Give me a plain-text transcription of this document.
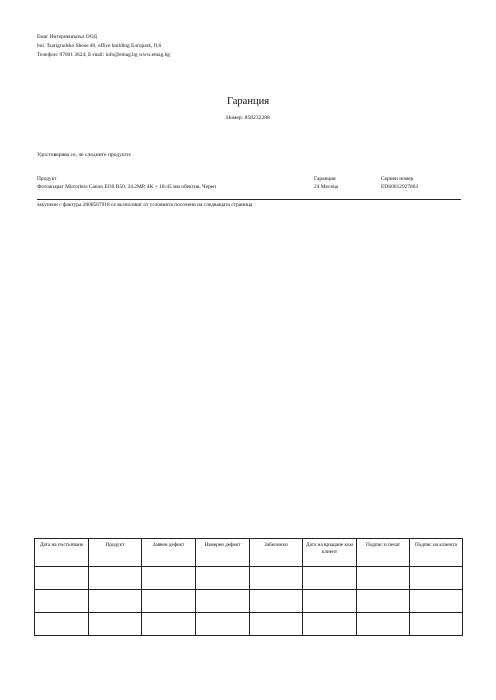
Емаг Интернешънъл ООД
bul. Tsarigradsko Shose 40, office building Europark, fl.6
Телефон: 07001 3624; E-mail: info@emag.bg www.emag.bg
Гаранция
Номер: 858232288
Удостоверява се, че следните продукти:
Продукт	Гаранция	Сериен номер
Фотоапарат Mirrorless Canon EOS R50, 24.2MP, 4K + 18-45 мм обектив, Черен	24 Месеца	EDS0012927803
закупени с фактура 2008567918 се възползват от условията посочени на следващата страница
Дата на постъпване	Продукт	Заявен дефект	Намерен дефект	Забележки	Дата на връщане към клиент	Подпис и печат	Подпис на клиента
